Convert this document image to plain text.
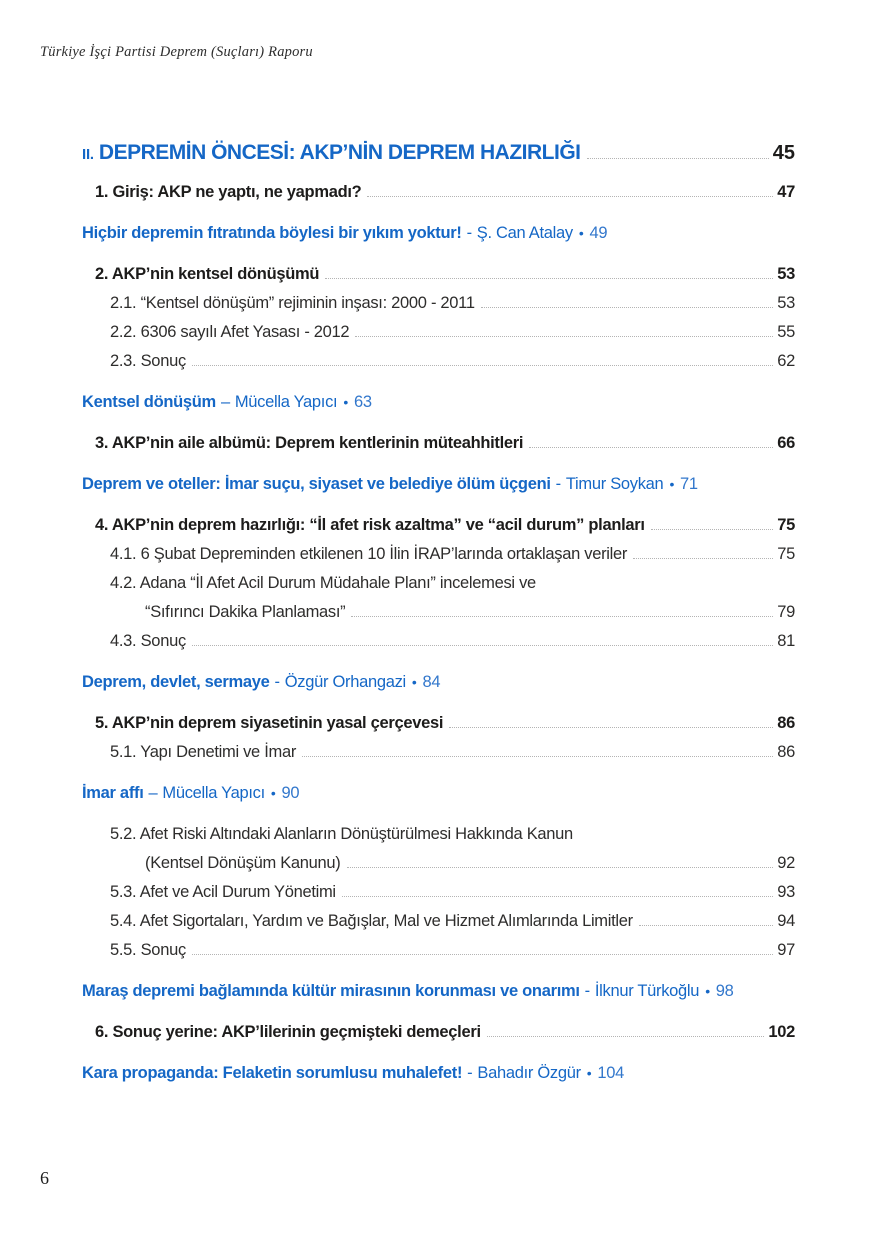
Türkiye İşçi Partisi Deprem (Suçları) Raporu
II. DEPREMİN ÖNCESİ: AKP’NİN DEPREM HAZIRLIĞI	45
1. Giriş: AKP ne yaptı, ne yapmadı?	47
Hiçbir depremin fıtratında böylesi bir yıkım yoktur! - Ş. Can Atalay • 49
2. AKP’nin kentsel dönüşümü	53
2.1. “Kentsel dönüşüm” rejiminin inşası: 2000 - 2011	53
2.2. 6306 sayılı Afet Yasası - 2012	55
2.3. Sonuç	62
Kentsel dönüşüm – Mücella Yapıcı • 63
3. AKP’nin aile albümü: Deprem kentlerinin müteahhitleri	66
Deprem ve oteller: İmar suçu, siyaset ve belediye ölüm üçgeni - Timur Soykan • 71
4. AKP’nin deprem hazırlığı: “İl afet risk azaltma” ve “acil durum” planları	75
4.1. 6 Şubat Depreminden etkilenen 10 İlin İRAP’larında ortaklaşan veriler	75
4.2. Adana “İl Afet Acil Durum Müdahale Planı” incelemesi ve
“Sıfırıncı Dakika Planlaması”	79
4.3. Sonuç	81
Deprem, devlet, sermaye - Özgür Orhangazi • 84
5. AKP’nin deprem siyasetinin yasal çerçevesi	86
5.1. Yapı Denetimi ve İmar	86
İmar affı – Mücella Yapıcı • 90
5.2. Afet Riski Altındaki Alanların Dönüştürülmesi Hakkında Kanun
(Kentsel Dönüşüm Kanunu)	92
5.3. Afet ve Acil Durum Yönetimi	93
5.4. Afet Sigortaları, Yardım ve Bağışlar, Mal ve Hizmet Alımlarında Limitler	94
5.5. Sonuç	97
Maraş depremi bağlamında kültür mirasının korunması ve onarımı - İlknur Türkoğlu • 98
6. Sonuç yerine: AKP’lilerinin geçmişteki demeçleri	102
Kara propaganda: Felaketin sorumlusu muhalefet! - Bahadır Özgür • 104
6
